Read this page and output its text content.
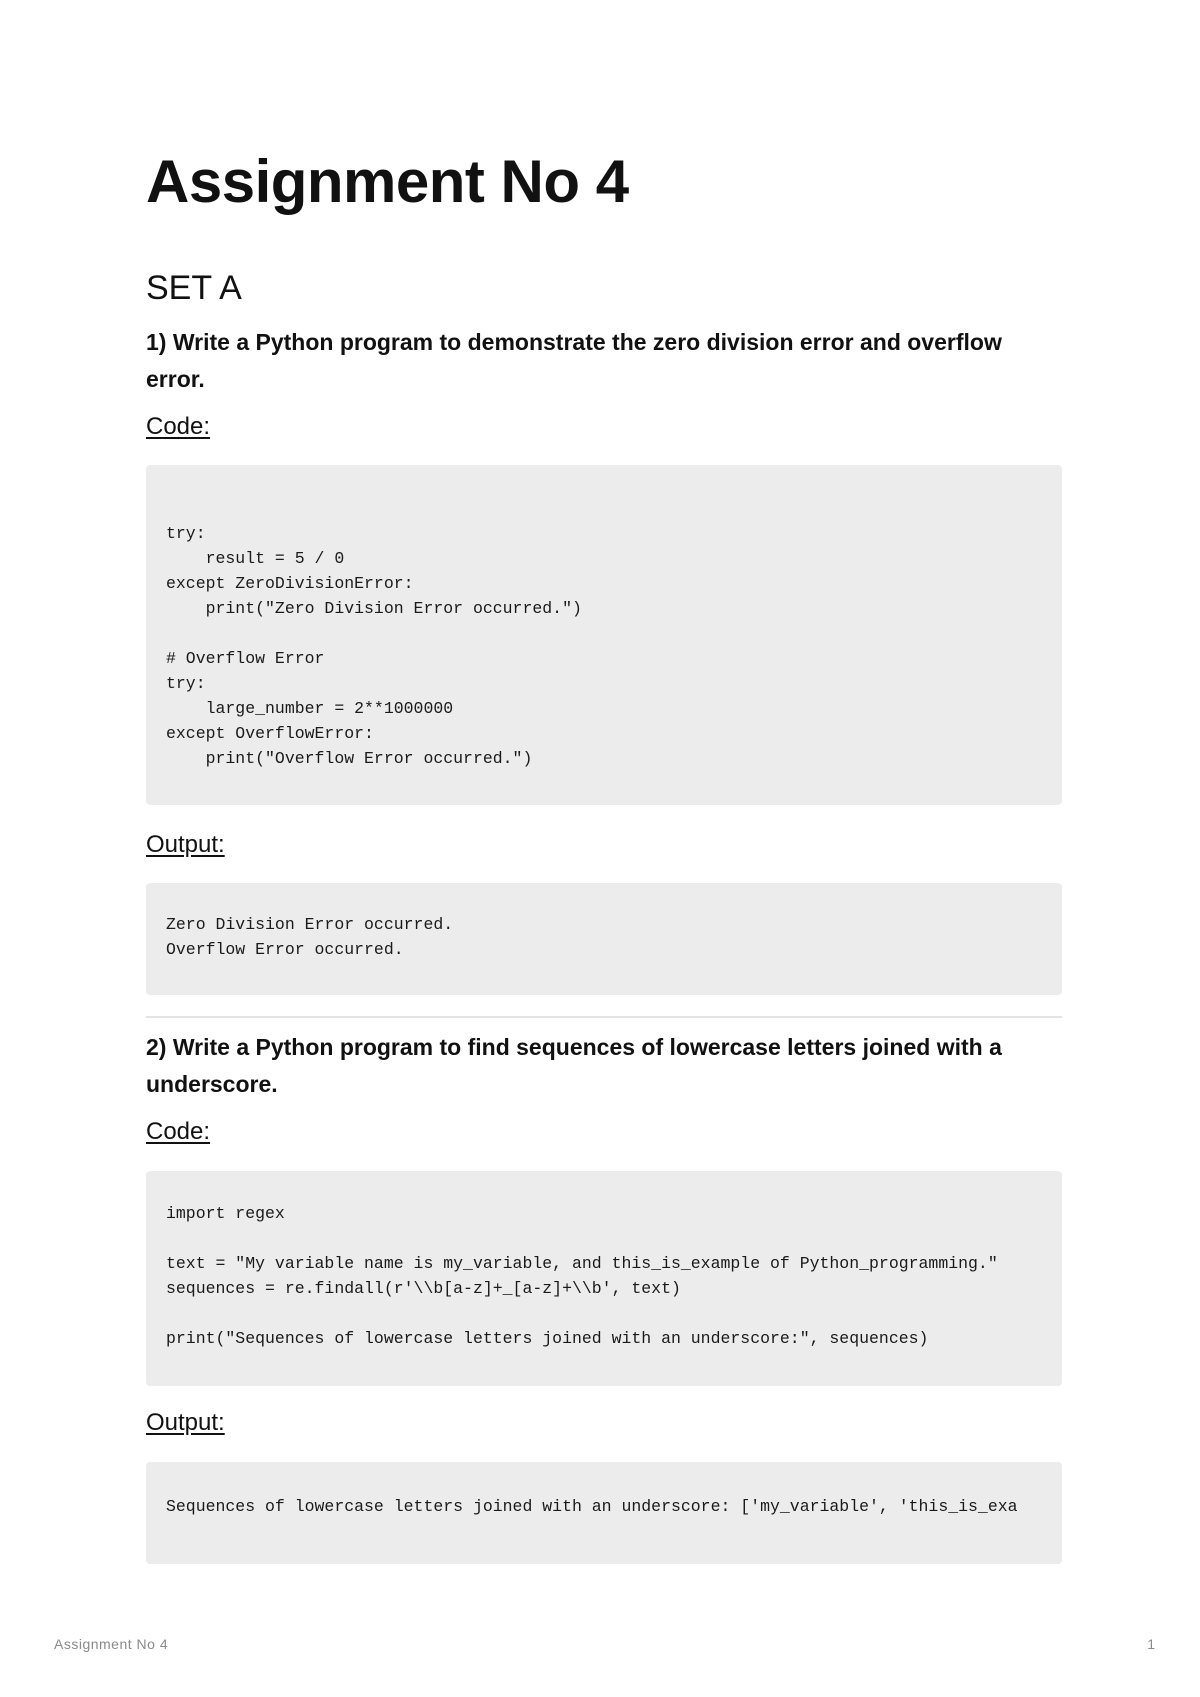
Assignment No 4
SET A

1) Write a Python program to demonstrate the zero division error and overflow error.

Code:

try:
result = 5 / 0
except ZeroDivisionError:
print("Zero Division Error occurred.")

# Overflow Error
try:
large_number = 2**1000000
except OverflowError:
print("Overflow Error occurred.")

Output:

Zero Division Error occurred.
Overflow Error occurred.

2) Write a Python program to find sequences of lowercase letters joined with a underscore.

Code:

import regex

text = "My variable name is my_variable, and this_is_example of Python_programming."
sequences = re.findall(r'\\b[a-z]+_[a-z]+\\b', text)

print("Sequences of lowercase letters joined with an underscore:", sequences)

Output:

Sequences of lowercase letters joined with an underscore: ['my_variable', 'this_is_exa
Assignment No 4	1
